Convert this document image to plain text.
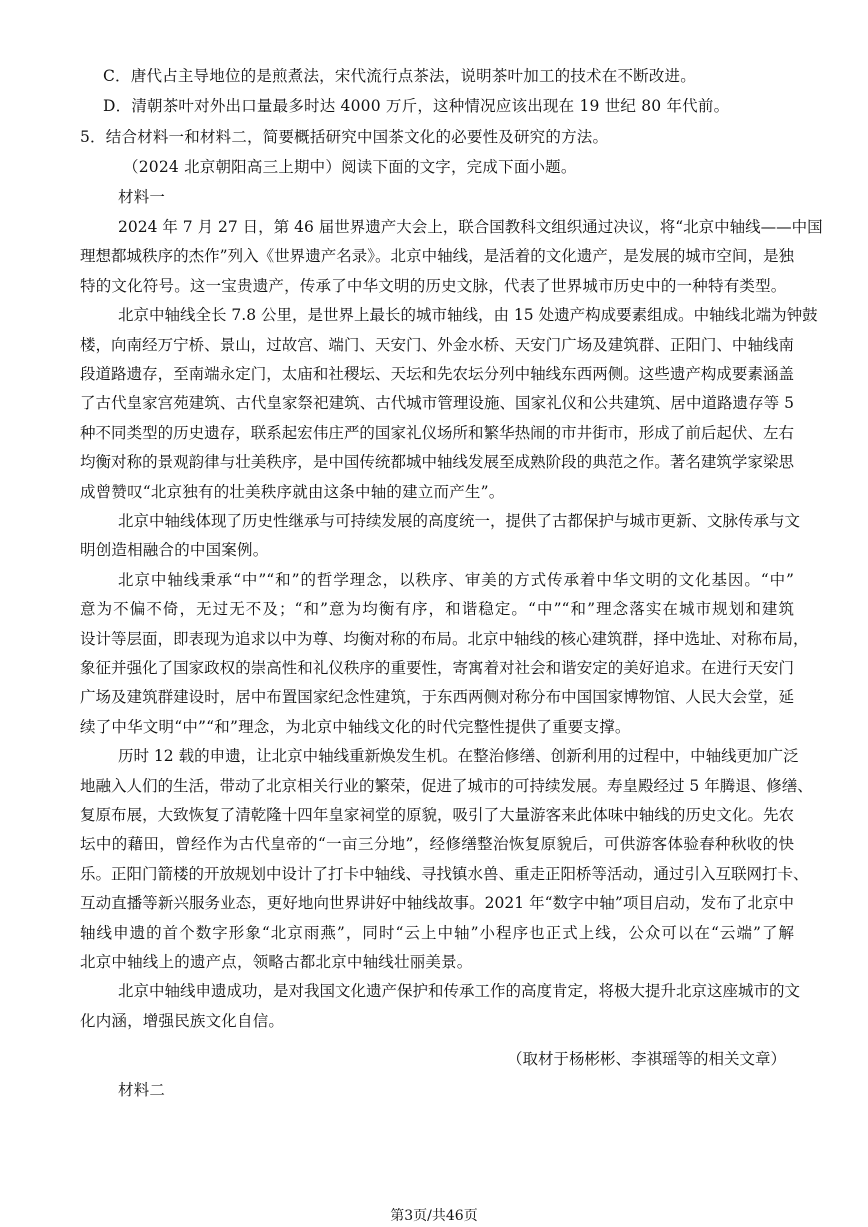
C．唐代占主导地位的是煎煮法，宋代流行点茶法，说明茶叶加工的技术在不断改进。
D．清朝茶叶对外出口量最多时达 4000 万斤，这种情况应该出现在 19 世纪 80 年代前。
5．结合材料一和材料二，简要概括研究中国茶文化的必要性及研究的方法。
（2024 北京朝阳高三上期中）阅读下面的文字，完成下面小题。
材料一
2024 年 7 月 27 日，第 46 届世界遗产大会上，联合国教科文组织通过决议，将“北京中轴线——中国
理想都城秩序的杰作”列入《世界遗产名录》。北京中轴线，是活着的文化遗产，是发展的城市空间，是独
特的文化符号。这一宝贵遗产，传承了中华文明的历史文脉，代表了世界城市历史中的一种特有类型。
北京中轴线全长 7.8 公里，是世界上最长的城市轴线，由 15 处遗产构成要素组成。中轴线北端为钟鼓
楼，向南经万宁桥、景山，过故宫、端门、天安门、外金水桥、天安门广场及建筑群、正阳门、中轴线南
段道路遗存，至南端永定门，太庙和社稷坛、天坛和先农坛分列中轴线东西两侧。这些遗产构成要素涵盖
了古代皇家宫苑建筑、古代皇家祭祀建筑、古代城市管理设施、国家礼仪和公共建筑、居中道路遗存等 5
种不同类型的历史遗存，联系起宏伟庄严的国家礼仪场所和繁华热闹的市井街市，形成了前后起伏、左右
均衡对称的景观韵律与壮美秩序，是中国传统都城中轴线发展至成熟阶段的典范之作。著名建筑学家梁思
成曾赞叹“北京独有的壮美秩序就由这条中轴的建立而产生”。
北京中轴线体现了历史性继承与可持续发展的高度统一，提供了古都保护与城市更新、文脉传承与文
明创造相融合的中国案例。
北京中轴线秉承“中”“和”的哲学理念，以秩序、审美的方式传承着中华文明的文化基因。“中”
意为不偏不倚，无过无不及；“和”意为均衡有序，和谐稳定。“中”“和”理念落实在城市规划和建筑
设计等层面，即表现为追求以中为尊、均衡对称的布局。北京中轴线的核心建筑群，择中选址、对称布局，
象征并强化了国家政权的崇高性和礼仪秩序的重要性，寄寓着对社会和谐安定的美好追求。在进行天安门
广场及建筑群建设时，居中布置国家纪念性建筑，于东西两侧对称分布中国国家博物馆、人民大会堂，延
续了中华文明“中”“和”理念，为北京中轴线文化的时代完整性提供了重要支撑。
历时 12 载的申遗，让北京中轴线重新焕发生机。在整治修缮、创新利用的过程中，中轴线更加广泛
地融入人们的生活，带动了北京相关行业的繁荣，促进了城市的可持续发展。寿皇殿经过 5 年腾退、修缮、
复原布展，大致恢复了清乾隆十四年皇家祠堂的原貌，吸引了大量游客来此体味中轴线的历史文化。先农
坛中的藉田，曾经作为古代皇帝的“一亩三分地”，经修缮整治恢复原貌后，可供游客体验春种秋收的快
乐。正阳门箭楼的开放规划中设计了打卡中轴线、寻找镇水兽、重走正阳桥等活动，通过引入互联网打卡、
互动直播等新兴服务业态，更好地向世界讲好中轴线故事。2021 年“数字中轴”项目启动，发布了北京中
轴线申遗的首个数字形象“北京雨燕”，同时“云上中轴”小程序也正式上线，公众可以在“云端”了解
北京中轴线上的遗产点，领略古都北京中轴线壮丽美景。
北京中轴线申遗成功，是对我国文化遗产保护和传承工作的高度肯定，将极大提升北京这座城市的文
化内涵，增强民族文化自信。
（取材于杨彬彬、李祺瑶等的相关文章）
材料二
第3页/共46页
